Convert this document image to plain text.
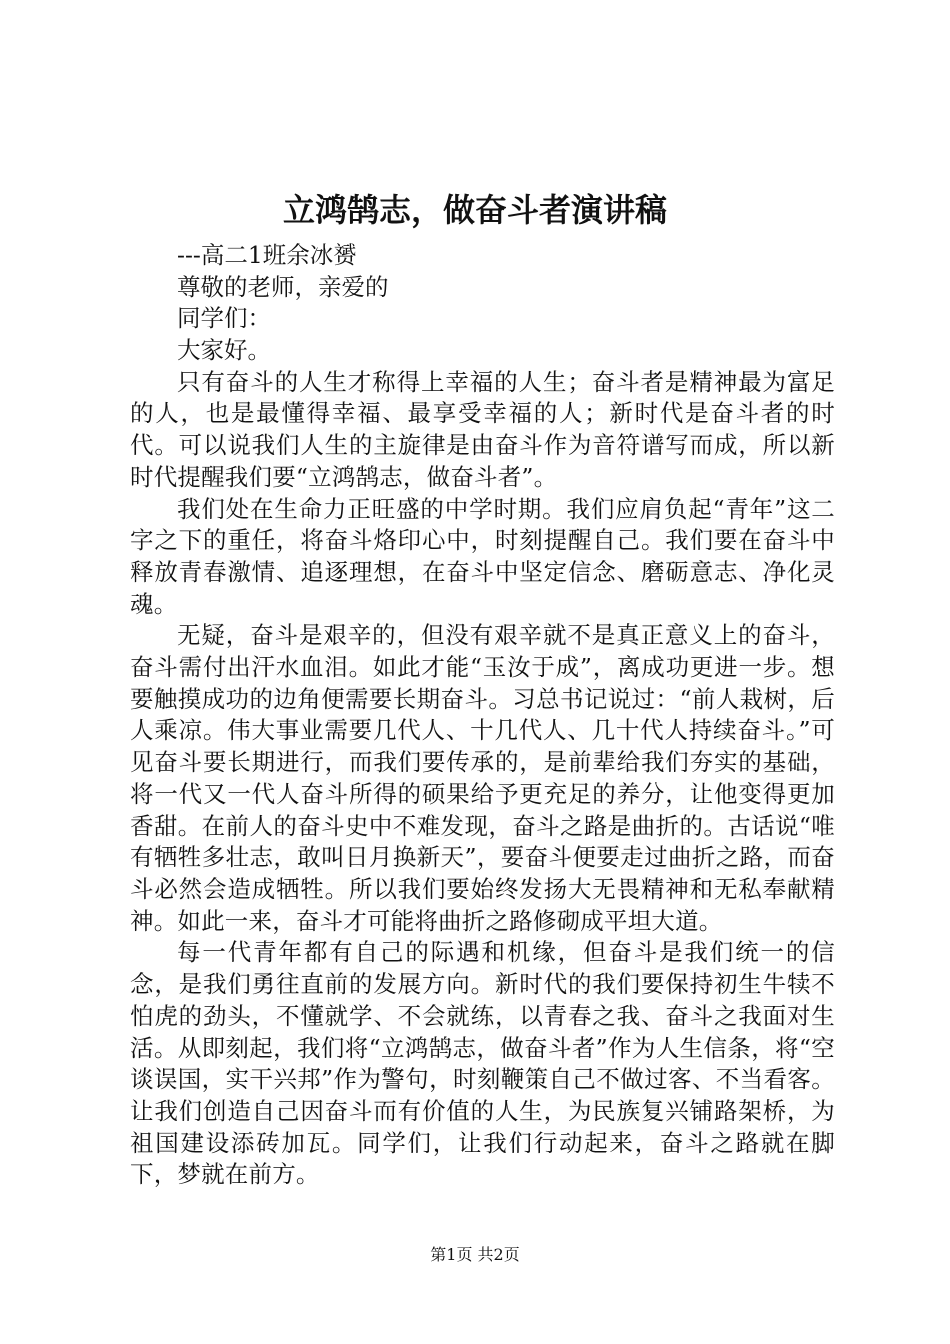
立鸿鹄志，做奋斗者演讲稿
---高二1班余冰赟
尊敬的老师，亲爱的
同学们：
大家好。

只有奋斗的人生才称得上幸福的人生；奋斗者是精神最为富足的人，也是最懂得幸福、最享受幸福的人；新时代是奋斗者的时代。可以说我们人生的主旋律是由奋斗作为音符谱写而成，所以新时代提醒我们要“立鸿鹄志，做奋斗者”。

我们处在生命力正旺盛的中学时期。我们应肩负起“青年”这二字之下的重任，将奋斗烙印心中，时刻提醒自己。我们要在奋斗中释放青春激情、追逐理想，在奋斗中坚定信念、磨砺意志、净化灵魂。

无疑，奋斗是艰辛的，但没有艰辛就不是真正意义上的奋斗，奋斗需付出汗水血泪。如此才能“玉汝于成”，离成功更进一步。想要触摸成功的边角便需要长期奋斗。习总书记说过：“前人栽树，后人乘凉。伟大事业需要几代人、十几代人、几十代人持续奋斗。”可见奋斗要长期进行，而我们要传承的，是前辈给我们夯实的基础，将一代又一代人奋斗所得的硕果给予更充足的养分，让他变得更加香甜。在前人的奋斗史中不难发现，奋斗之路是曲折的。古话说“唯有牺牲多壮志，敢叫日月换新天”，要奋斗便要走过曲折之路，而奋斗必然会造成牺牲。所以我们要始终发扬大无畏精神和无私奉献精神。如此一来，奋斗才可能将曲折之路修砌成平坦大道。

每一代青年都有自己的际遇和机缘，但奋斗是我们统一的信念，是我们勇往直前的发展方向。新时代的我们要保持初生牛犊不怕虎的劲头，不懂就学、不会就练，以青春之我、奋斗之我面对生活。从即刻起，我们将“立鸿鹄志，做奋斗者”作为人生信条，将“空谈误国，实干兴邦”作为警句，时刻鞭策自己不做过客、不当看客。让我们创造自己因奋斗而有价值的人生，为民族复兴铺路架桥，为祖国建设添砖加瓦。同学们，让我们行动起来，奋斗之路就在脚下，梦就在前方。

第1页 共2页
